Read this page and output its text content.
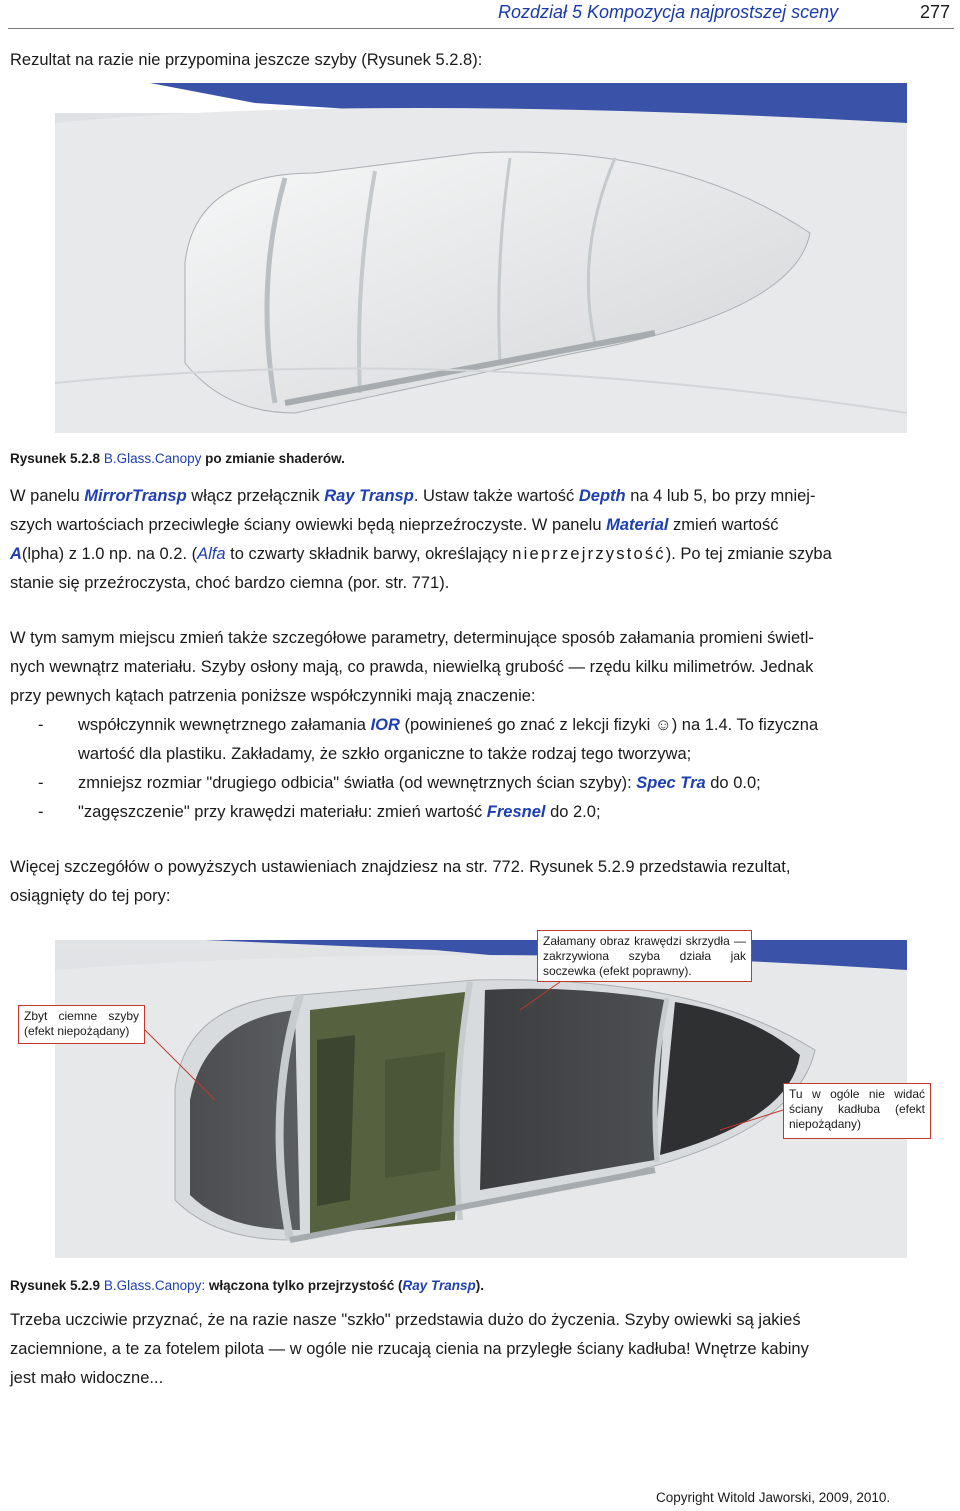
Rozdział 5 Kompozycja najprostszej sceny	277

Rezultat na razie nie przypomina jeszcze szyby (Rysunek 5.2.8):

Rysunek 5.2.8 B.Glass.Canopy po zmianie shaderów.

W panelu MirrorTransp włącz przełącznik Ray Transp. Ustaw także wartość Depth na 4 lub 5, bo przy mniej-
szych wartościach przeciwległe ściany owiewki będą nieprzeźroczyste. W panelu Material zmień wartość
A(lpha) z 1.0 np. na 0.2. (Alfa to czwarty składnik barwy, określający nieprzejrzystość). Po tej zmianie szyba
stanie się przeźroczysta, choć bardzo ciemna (por. str. 771).
W tym samym miejscu zmień także szczegółowe parametry, determinujące sposób załamania promieni świetl-
nych wewnątrz materiału. Szyby osłony mają, co prawda, niewielką grubość — rzędu kilku milimetrów. Jednak
przy pewnych kątach patrzenia poniższe współczynniki mają znaczenie:
- współczynnik wewnętrznego załamania IOR (powinieneś go znać z lekcji fizyki ☺) na 1.4. To fizyczna
wartość dla plastiku. Zakładamy, że szkło organiczne to także rodzaj tego tworzywa;
- zmniejsz rozmiar "drugiego odbicia" światła (od wewnętrznych ścian szyby): Spec Tra do 0.0;
- "zagęszczenie" przy krawędzi materiału: zmień wartość Fresnel do 2.0;
Więcej szczegółów o powyższych ustawieniach znajdziesz na str. 772. Rysunek 5.2.9 przedstawia rezultat,
osiągnięty do tej pory:
Załamany obraz krawędzi skrzydła — zakrzywiona szyba działa jak soczewka (efekt poprawny).
Zbyt ciemne szyby (efekt niepożądany)
Tu w ogóle nie widać ściany kadłuba (efekt niepożądany)

Rysunek 5.2.9 B.Glass.Canopy: włączona tylko przejrzystość (Ray Transp).

Trzeba uczciwie przyznać, że na razie nasze "szkło" przedstawia dużo do życzenia. Szyby owiewki są jakieś
zaciemnione, a te za fotelem pilota — w ogóle nie rzucają cienia na przyległe ściany kadłuba! Wnętrze kabiny
jest mało widoczne...
Copyright Witold Jaworski, 2009, 2010.
